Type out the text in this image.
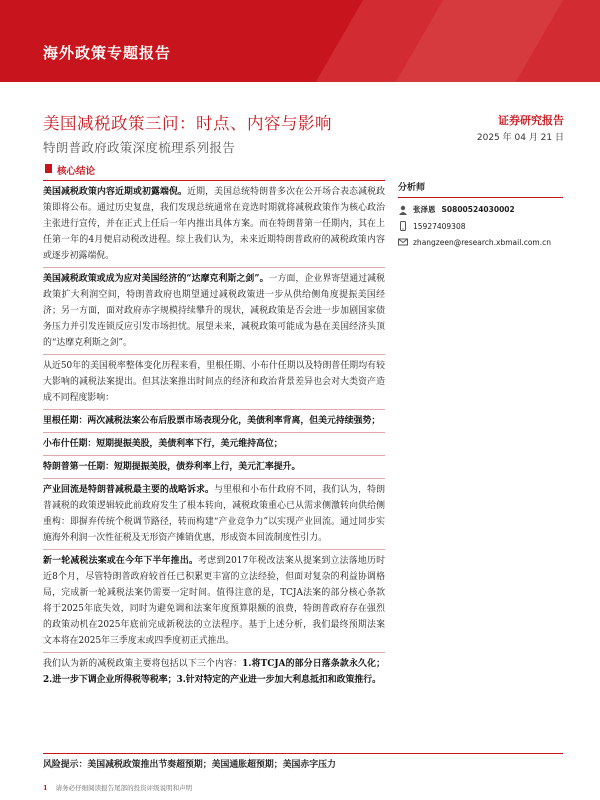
海外政策专题报告
美国减税政策三问：时点、内容与影响
特朗普政府政策深度梳理系列报告
证券研究报告
2025 年 04 月 21 日
核心结论
美国减税政策内容近期或初露端倪。近期，美国总统特朗普多次在公开场合表态减税政策即将公布。通过历史复盘，我们发现总统通常在竞选时期就将减税政策作为核心政治主张进行宣传，并在正式上任后一年内推出具体方案。而在特朗普第一任期内，其在上任第一年的4月便启动税改进程。综上我们认为，未来近期特朗普政府的减税政策内容或逐步初露端倪。
美国减税政策或成为应对美国经济的“达摩克利斯之剑”。一方面，企业界寄望通过减税政策扩大利润空间，特朗普政府也期望通过减税政策进一步从供给侧角度提振美国经济；另一方面，面对政府赤字规模持续攀升的现状，减税政策是否会进一步加剧国家债务压力并引发连锁反应引发市场担忧。展望未来，减税政策可能成为悬在美国经济头顶的“达摩克利斯之剑”。
从近50年的美国税率整体变化历程来看，里根任期、小布什任期以及特朗普任期均有较大影响的减税法案提出。但其法案推出时间点的经济和政治背景差异也会对大类资产造成不同程度影响：
里根任期：两次减税法案公布后股票市场表现分化，美债利率背离，但美元持续强势；
小布什任期：短期提振美股，美债利率下行，美元维持高位；
特朗普第一任期：短期提振美股，债券利率上行，美元汇率提升。
产业回流是特朗普减税最主要的战略诉求。与里根和小布什政府不同，我们认为，特朗普减税的政策逻辑较此前政府发生了根本转向，减税政策重心已从需求侧激转向供给侧重构：即摒弃传统个税调节路径，转而构建“产业竞争力”以实现产业回流。通过同步实施海外利润一次性征税及无形资产摊销优惠，形成资本回流制度性引力。
新一轮减税法案或在今年下半年推出。考虑到2017年税改法案从提案到立法落地历时近8个月，尽管特朗普政府较首任已积累更丰富的立法经验，但面对复杂的利益协调格局，完成新一轮减税法案仍需要一定时间。值得注意的是，TCJA法案的部分核心条款将于2025年底失效，同时为避免调和法案年度预算限额的浪费，特朗普政府存在强烈的政策动机在2025年底前完成新税法的立法程序。基于上述分析，我们最终预期法案文本将在2025年三季度末或四季度初正式推出。
我们认为新的减税政策主要将包括以下三个内容：1.将TCJA的部分日落条款永久化；2.进一步下调企业所得税等税率；3.针对特定的产业进一步加大利息抵扣和政策推行。
分析师
张泽恩 S0800524030002
15927409308
zhangzeen@research.xbmail.com.cn
风险提示：美国减税政策推出节奏超预期；美国通胀超预期；美国赤字压力
1 请务必仔细阅读报告尾部的投资评级说明和声明
